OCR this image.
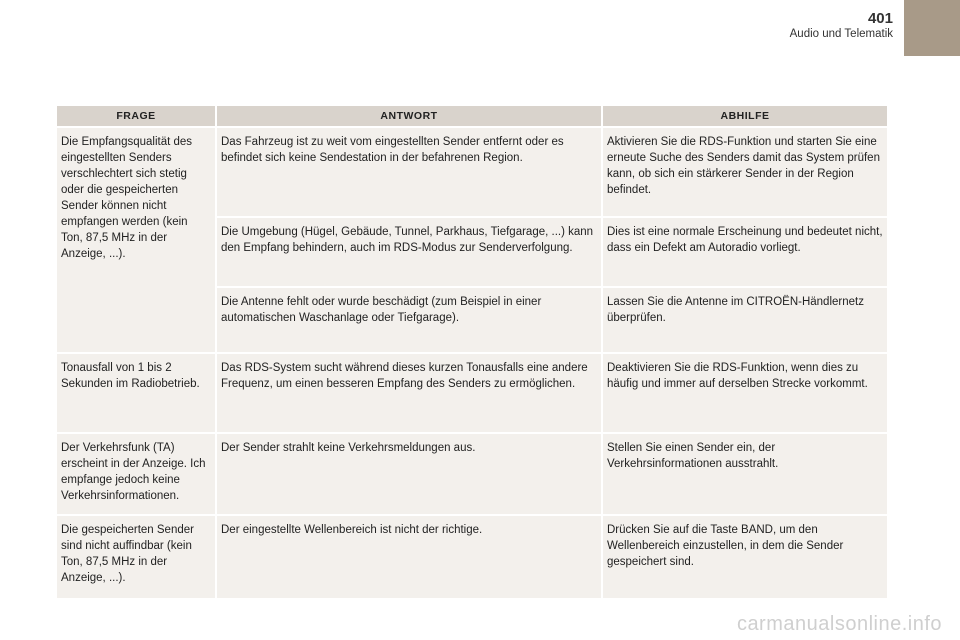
401
Audio und Telematik
FRAGE	ANTWORT	ABHILFE
Die Empfangsqualität des eingestellten Senders verschlechtert sich stetig oder die gespeicherten Sender können nicht empfangen werden (kein Ton, 87,5 MHz in der Anzeige, ...).	Das Fahrzeug ist zu weit vom eingestellten Sender entfernt oder es befindet sich keine Sendestation in der befahrenen Region.	Aktivieren Sie die RDS-Funktion und starten Sie eine erneute Suche des Senders damit das System prüfen kann, ob sich ein stärkerer Sender in der Region befindet.
	Die Umgebung (Hügel, Gebäude, Tunnel, Parkhaus, Tiefgarage, ...) kann den Empfang behindern, auch im RDS-Modus zur Senderverfolgung.	Dies ist eine normale Erscheinung und bedeutet nicht, dass ein Defekt am Autoradio vorliegt.
	Die Antenne fehlt oder wurde beschädigt (zum Beispiel in einer automatischen Waschanlage oder Tiefgarage).	Lassen Sie die Antenne im CITROËN-Händlernetz überprüfen.
Tonausfall von 1 bis 2 Sekunden im Radiobetrieb.	Das RDS-System sucht während dieses kurzen Tonausfalls eine andere Frequenz, um einen besseren Empfang des Senders zu ermöglichen.	Deaktivieren Sie die RDS-Funktion, wenn dies zu häufig und immer auf derselben Strecke vorkommt.
Der Verkehrsfunk (TA) erscheint in der Anzeige. Ich empfange jedoch keine Verkehrsinformationen.	Der Sender strahlt keine Verkehrsmeldungen aus.	Stellen Sie einen Sender ein, der Verkehrsinformationen ausstrahlt.
Die gespeicherten Sender sind nicht auffindbar (kein Ton, 87,5 MHz in der Anzeige, ...).	Der eingestellte Wellenbereich ist nicht der richtige.	Drücken Sie auf die Taste BAND, um den Wellenbereich einzustellen, in dem die Sender gespeichert sind.
carmanualsonline.info
